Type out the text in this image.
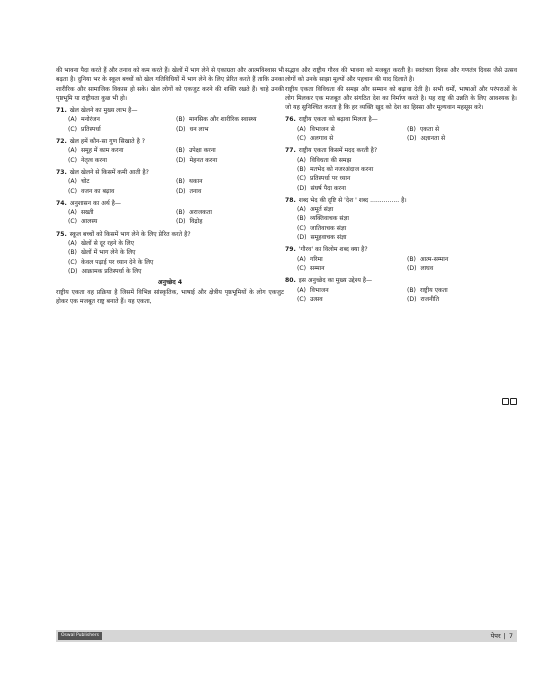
की भावना पैदा करते हैं और तनाव को कम करते हैं। खेलों में भाग लेने से एकाग्रता और आत्मविश्वास भी बढ़ता है। दुनिया भर के स्कूल बच्चों को खेल गतिविधियों में भाग लेने के लिए प्रेरित करते हैं ताकि उनका शारीरिक और सामाजिक विकास हो सके। खेल लोगों को एकजुट करने की शक्ति रखते हैं। चाहे उनकी पृष्ठभूमि या राष्ट्रीयता कुछ भी हो।

71. खेल खेलने का मुख्य लाभ है—
(A) मनोरंजन	(B) मानसिक और शारीरिक स्वास्थ्य
(C) प्रतिस्पर्धा	(D) धन लाभ
72. खेल हमें कौन-सा गुण सिखाते है ?
(A) समूह में काम करना	(B) उपेक्षा करना
(C) नेतृत्व करना	(D) मेहनत करना
73. खेल खेलने से किसमें कमी आती है?
(A) चोट	(B) थकान
(C) वजन का बढ़ाव	(D) तनाव
74. अनुशासन का अर्थ है—
(A) सख्ती	(B) अराजकता
(C) आलस्य	(D) विद्रोह
75. स्कूल बच्चों को किसमें भाग लेने के लिए प्रेरित करते है?
(A) खेलों से दूर रहने के लिए
(B) खेलों में भाग लेने के लिए
(C) केवल पढ़ाई पर ध्यान देने के लिए
(D) आक्रामक प्रतिस्पर्धा के लिए
अनुच्छेद 4

राष्ट्रीय एकता वह प्रक्रिया है जिसमें विभिन्न सांस्कृतिक, भाषाई और क्षेत्रीय पृष्ठभूमियों के लोग एकजुट होकर एक मजबूत राष्ट्र बनाते हैं। यह एकता,

सद्भाव और राष्ट्रीय गौरव की भावना को मजबूत करती है। स्वतंत्रता दिवस और गणतंत्र दिवस जैसे उत्सव लोगों को उनके साझा मूल्यों और पहचान की याद दिलाते है।

राष्ट्रीय एकता विविधता की समझ और सम्मान को बढ़ावा देती है। सभी धर्मों, भाषाओं और परंपराओं के लोग मिलकर एक मजबूत और संगठित देश का निर्माण करते है। यह राष्ट्र की उन्नति के लिए आवश्यक है। जो यह सुनिश्चित करता है कि हर व्यक्ति खुद को देश का हिस्सा और मूल्यवान महसूस करे।

76. राष्ट्रीय एकता को बढ़ावा मिलता है—
(A) विभाजन से	(B) एकता से
(C) अलगाव से	(D) अज्ञानता से
77. राष्ट्रीय एकता किसमें मदद करती है?
(A) विविधता की समझ
(B) मतभेद को नजरअंदाज करना
(C) प्रतिस्पर्धा पर ध्यान
(D) संघर्ष पैदा करना
78. शब्द भेद की दृष्टि से 'देश ' शब्द ............... है।
(A) अमूर्त संज्ञा
(B) व्यक्तिवाचक संज्ञा
(C) जातिवाचक संज्ञा
(D) समूहवाचक संज्ञा
79. 'गौरव' का विलोम शब्द क्या है?
(A) गरिमा	(B) आत्म-सम्मान
(C) सम्मान	(D) लाघव
80. इस अनुच्छेद का मुख्य उद्देश्य है—
(A) विभाजन	(B) राष्ट्रीय एकता
(C) उत्सव	(D) राजनीति
Oswal Publishers	पेपर | 7
